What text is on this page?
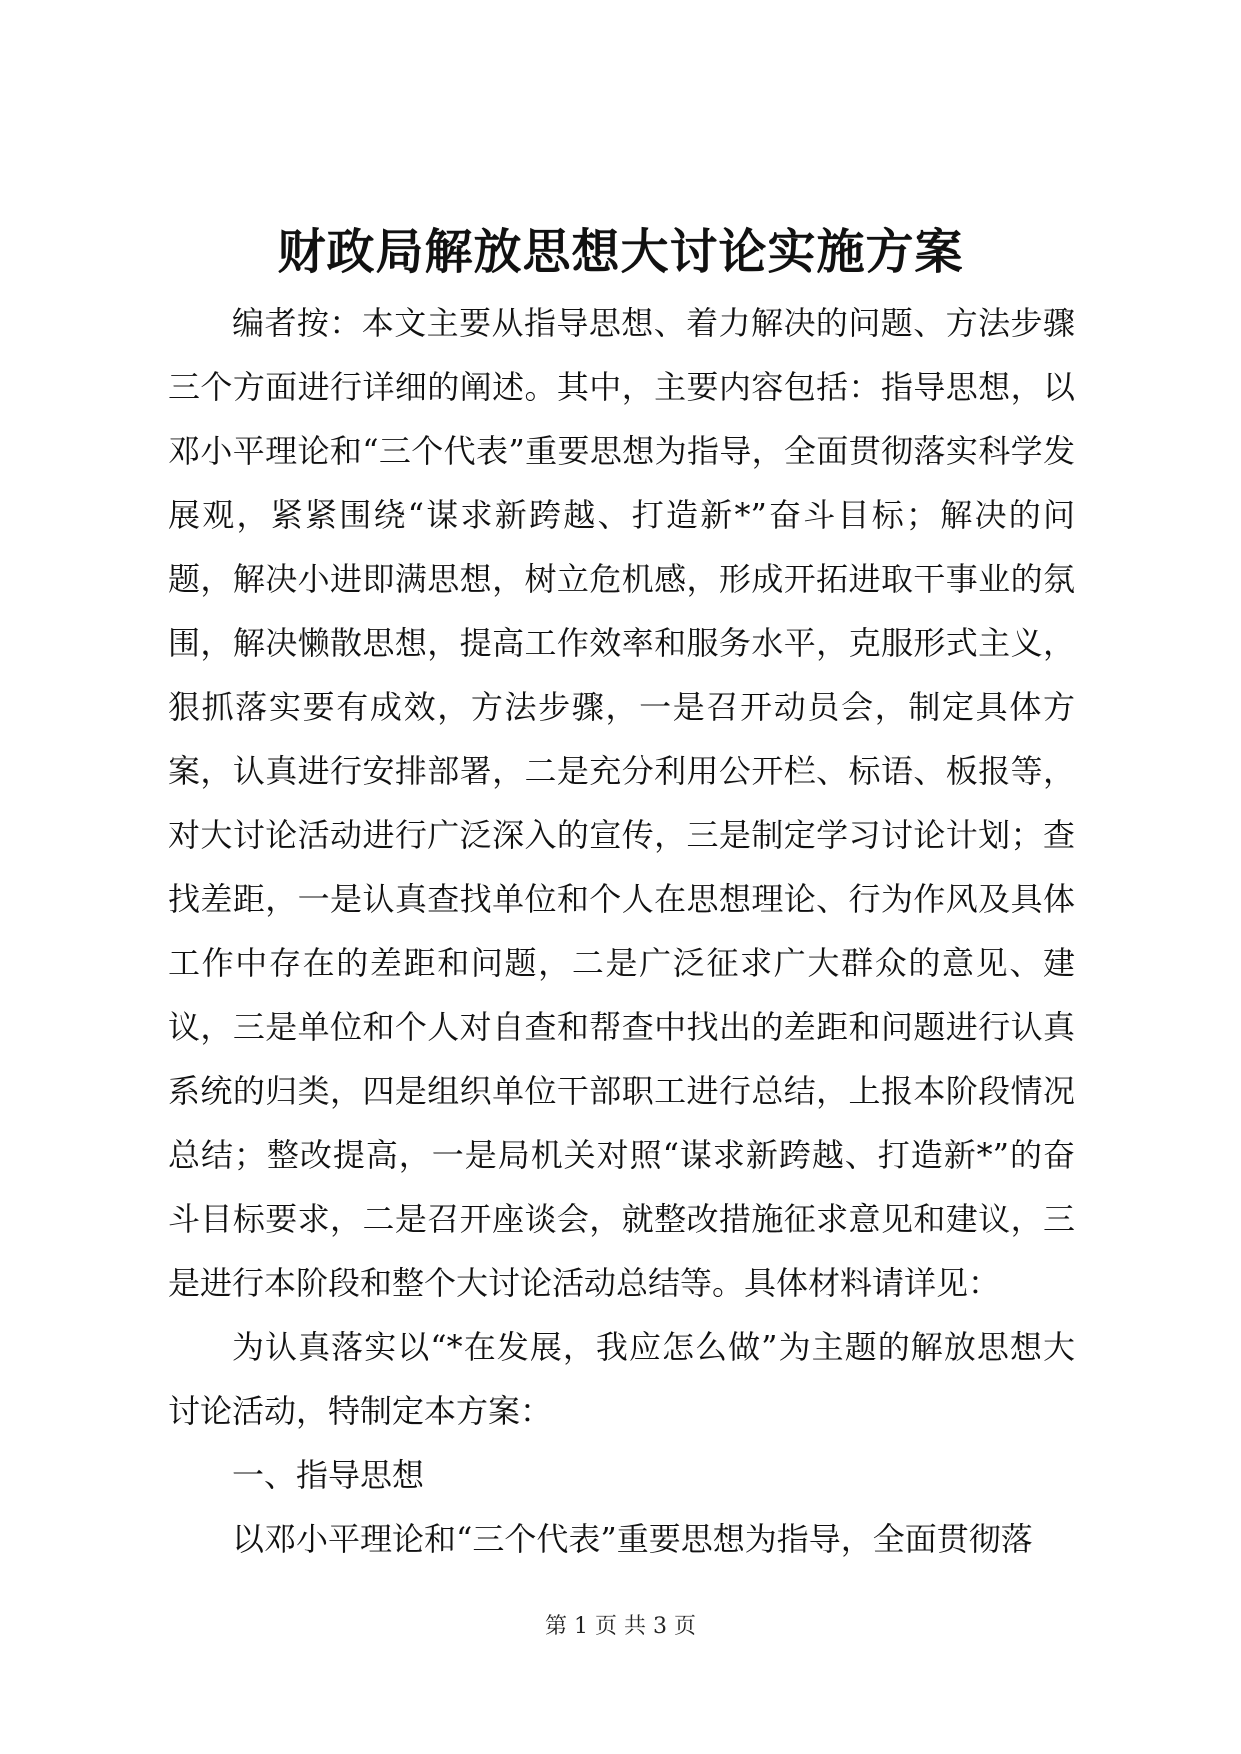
财政局解放思想大讨论实施方案

编者按：本文主要从指导思想、着力解决的问题、方法步骤三个方面进行详细的阐述。其中，主要内容包括：指导思想，以邓小平理论和“三个代表”重要思想为指导，全面贯彻落实科学发展观，紧紧围绕“谋求新跨越、打造新*”奋斗目标；解决的问题，解决小进即满思想，树立危机感，形成开拓进取干事业的氛围，解决懒散思想，提高工作效率和服务水平，克服形式主义，狠抓落实要有成效，方法步骤，一是召开动员会，制定具体方案，认真进行安排部署，二是充分利用公开栏、标语、板报等，对大讨论活动进行广泛深入的宣传，三是制定学习讨论计划；查找差距，一是认真查找单位和个人在思想理论、行为作风及具体工作中存在的差距和问题，二是广泛征求广大群众的意见、建议，三是单位和个人对自查和帮查中找出的差距和问题进行认真系统的归类，四是组织单位干部职工进行总结，上报本阶段情况总结；整改提高，一是局机关对照“谋求新跨越、打造新*”的奋斗目标要求，二是召开座谈会，就整改措施征求意见和建议，三是进行本阶段和整个大讨论活动总结等。具体材料请详见：

为认真落实以“*在发展，我应怎么做”为主题的解放思想大讨论活动，特制定本方案：

一、指导思想

以邓小平理论和“三个代表”重要思想为指导，全面贯彻落

第 1 页 共 3 页
